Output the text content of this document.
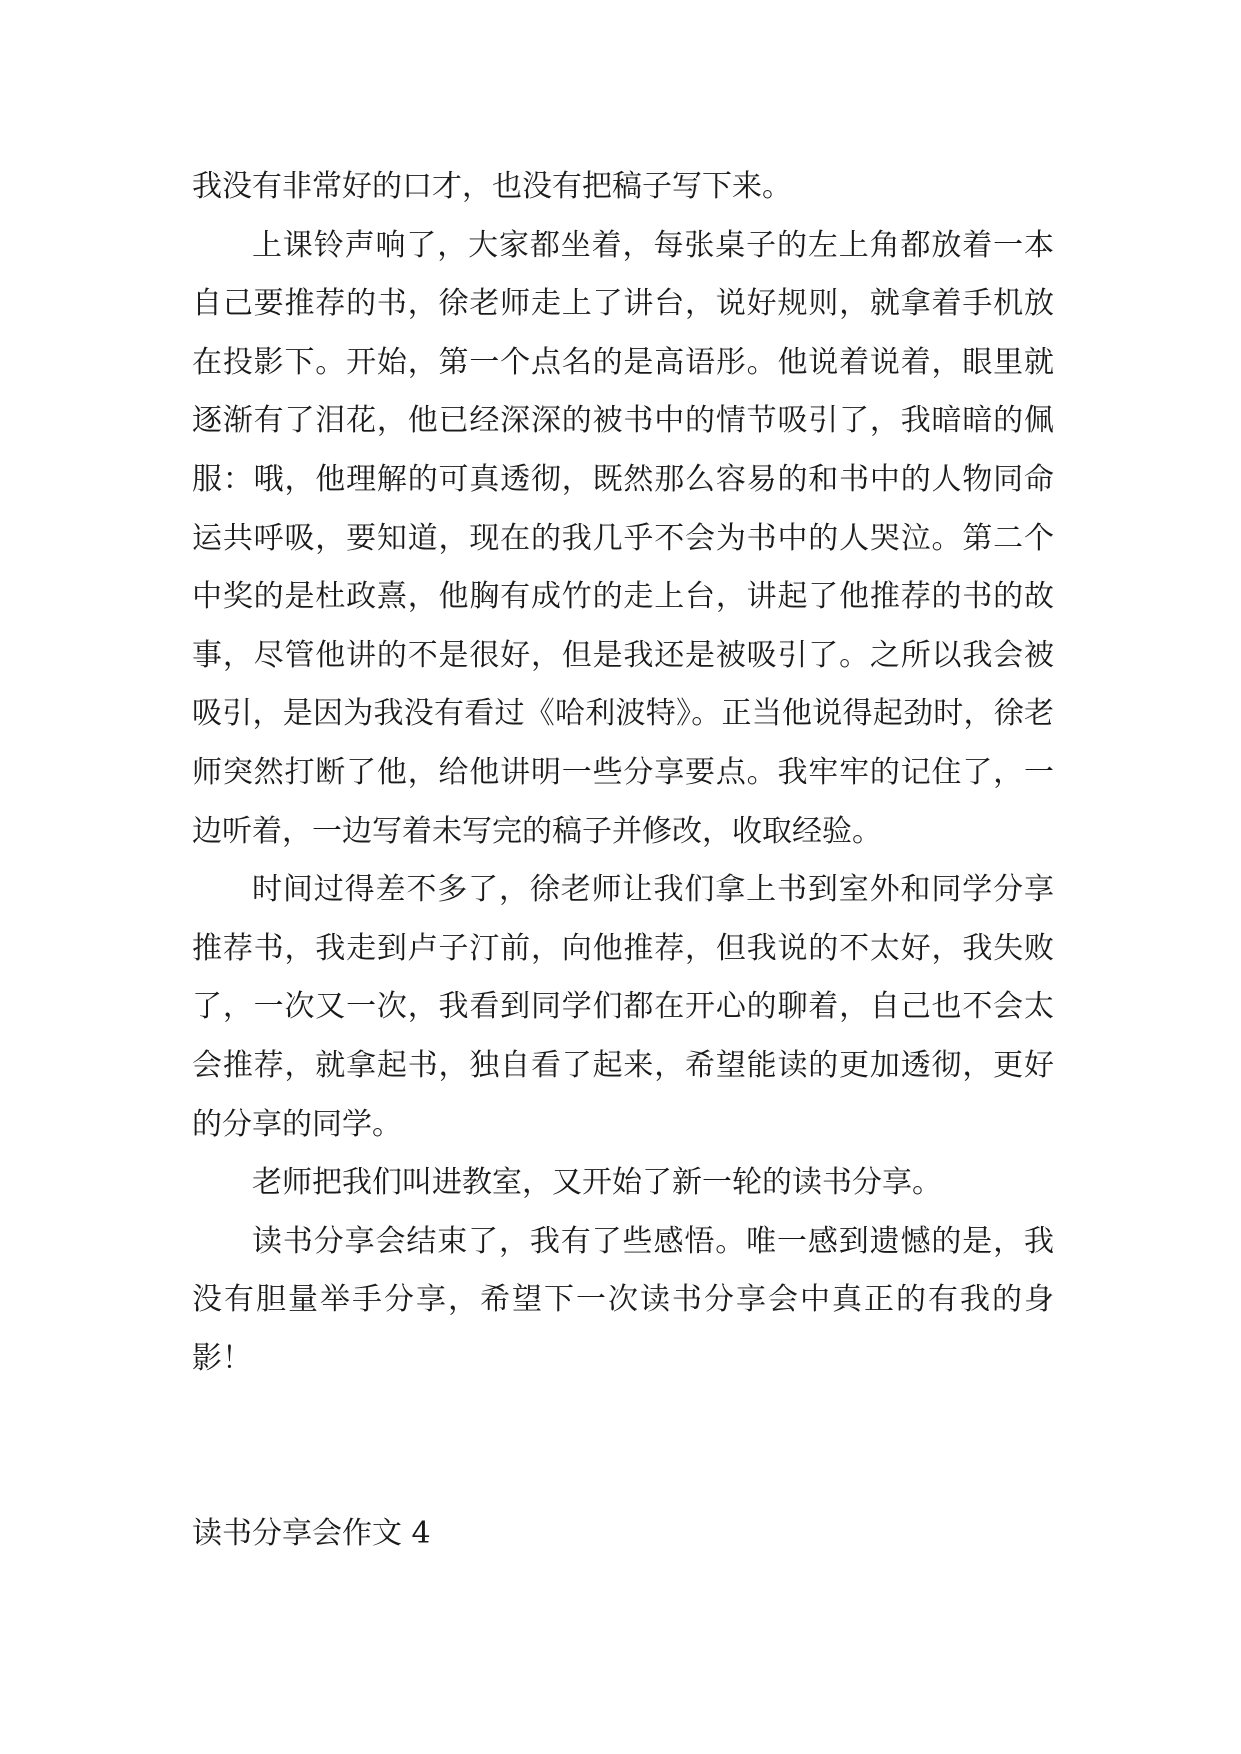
我没有非常好的口才，也没有把稿子写下来。

上课铃声响了，大家都坐着，每张桌子的左上角都放着一本自己要推荐的书，徐老师走上了讲台，说好规则，就拿着手机放在投影下。开始，第一个点名的是高语彤。他说着说着，眼里就逐渐有了泪花，他已经深深的被书中的情节吸引了，我暗暗的佩服：哦，他理解的可真透彻，既然那么容易的和书中的人物同命运共呼吸，要知道，现在的我几乎不会为书中的人哭泣。第二个中奖的是杜政熹，他胸有成竹的走上台，讲起了他推荐的书的故事，尽管他讲的不是很好，但是我还是被吸引了。之所以我会被吸引，是因为我没有看过《哈利波特》。正当他说得起劲时，徐老师突然打断了他，给他讲明一些分享要点。我牢牢的记住了，一边听着，一边写着未写完的稿子并修改，收取经验。

时间过得差不多了，徐老师让我们拿上书到室外和同学分享推荐书，我走到卢子汀前，向他推荐，但我说的不太好，我失败了，一次又一次，我看到同学们都在开心的聊着，自己也不会太会推荐，就拿起书，独自看了起来，希望能读的更加透彻，更好的分享的同学。

老师把我们叫进教室，又开始了新一轮的读书分享。

读书分享会结束了，我有了些感悟。唯一感到遗憾的是，我没有胆量举手分享，希望下一次读书分享会中真正的有我的身影！

读书分享会作文 4
